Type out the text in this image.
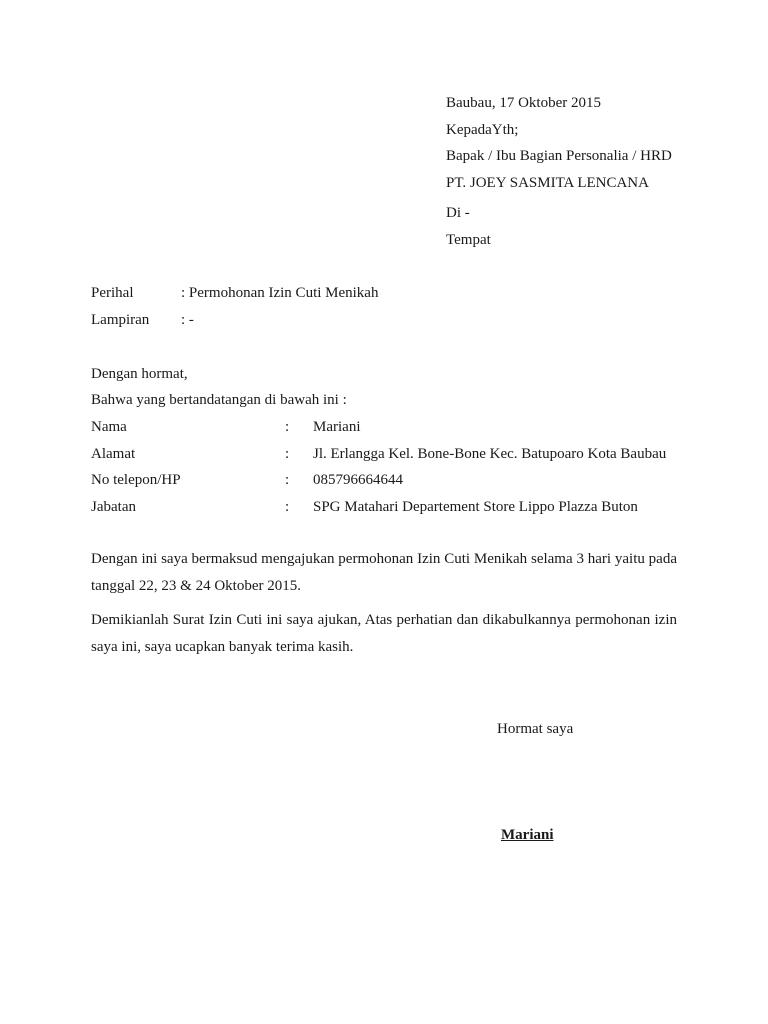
Baubau, 17 Oktober 2015
KepadaYth;
Bapak / Ibu Bagian Personalia / HRD
PT. JOEY SASMITA LENCANA
Di -
Tempat
Perihal	: Permohonan Izin Cuti Menikah
Lampiran : -
Dengan hormat,
Bahwa yang bertandatangan di bawah ini :
Nama	: Mariani
Alamat	: Jl. Erlangga Kel. Bone-Bone Kec. Batupoaro Kota Baubau
No telepon/HP	: 085796664644
Jabatan	: SPG Matahari Departement Store Lippo Plazza Buton
Dengan ini saya bermaksud mengajukan permohonan Izin Cuti Menikah selama 3 hari yaitu pada tanggal 22, 23 & 24 Oktober 2015.
Demikianlah Surat Izin Cuti ini saya ajukan, Atas perhatian dan dikabulkannya permohonan izin saya ini, saya ucapkan banyak terima kasih.
Hormat saya
Mariani
